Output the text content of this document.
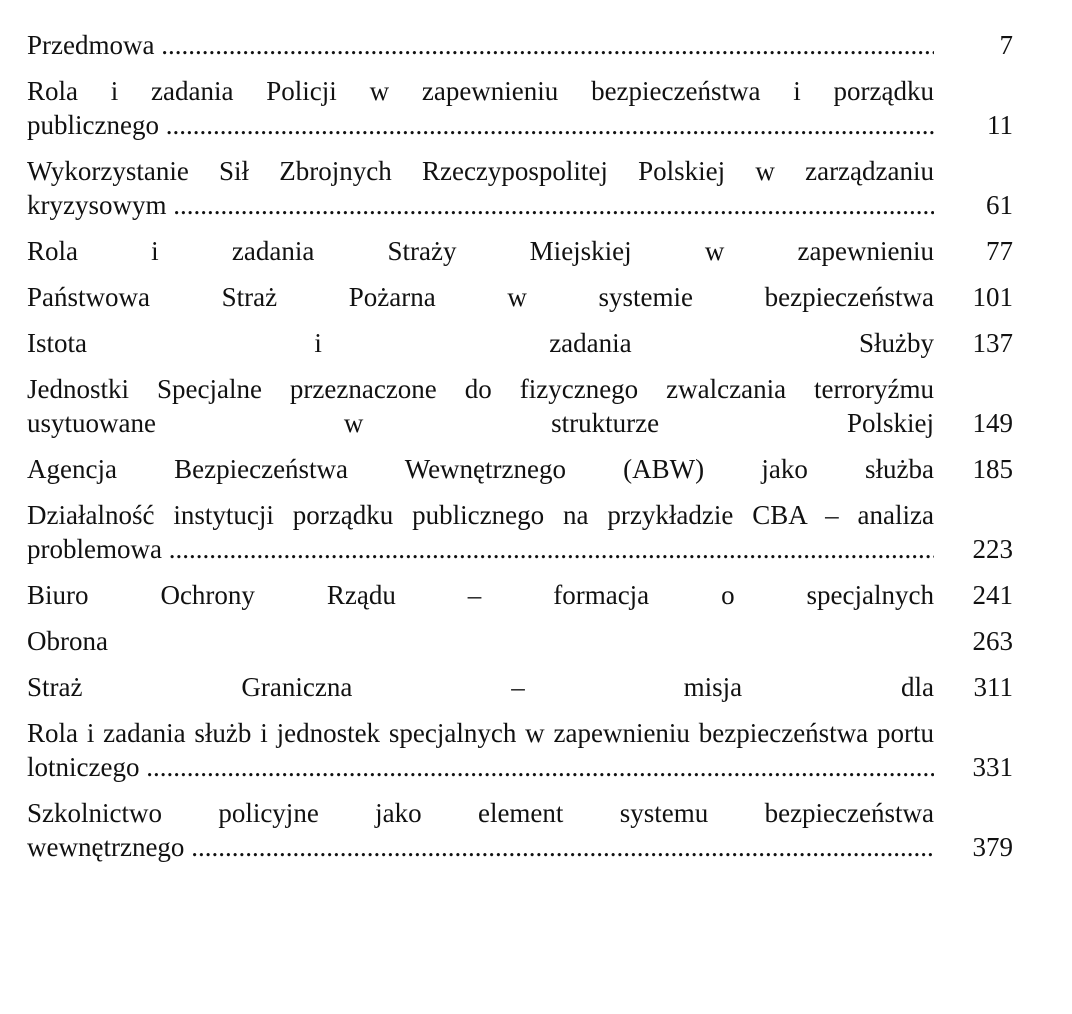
Przedmowa .....	7
Rola i zadania Policji w zapewnieniu bezpieczeństwa i porządku publicznego .....	11
Wykorzystanie Sił Zbrojnych Rzeczypospolitej Polskiej w zarządzaniu kryzysowym .....	61
Rola i zadania Straży Miejskiej w zapewnieniu .....	77
Państwowa Straż Pożarna w systemie bezpieczeństwa .....	101
Istota i zadania Służby .....	137
Jednostki Specjalne przeznaczone do fizycznego zwalczania terroryźmu usytuowane w strukturze Polskiej .....	149
Agencja Bezpieczeństwa Wewnętrznego (ABW) jako służba .....	185
Działalność instytucji porządku publicznego na przykładzie CBA – analiza problemowa .....	223
Biuro Ochrony Rządu – formacja o specjalnych .....	241
Obrona .....	263
Straż Graniczna – misja dla .....	311
Rola i zadania służb i jednostek specjalnych w zapewnieniu bezpieczeństwa portu lotniczego .....	331
Szkolnictwo policyjne jako element systemu bezpieczeństwa wewnętrznego .....	379
